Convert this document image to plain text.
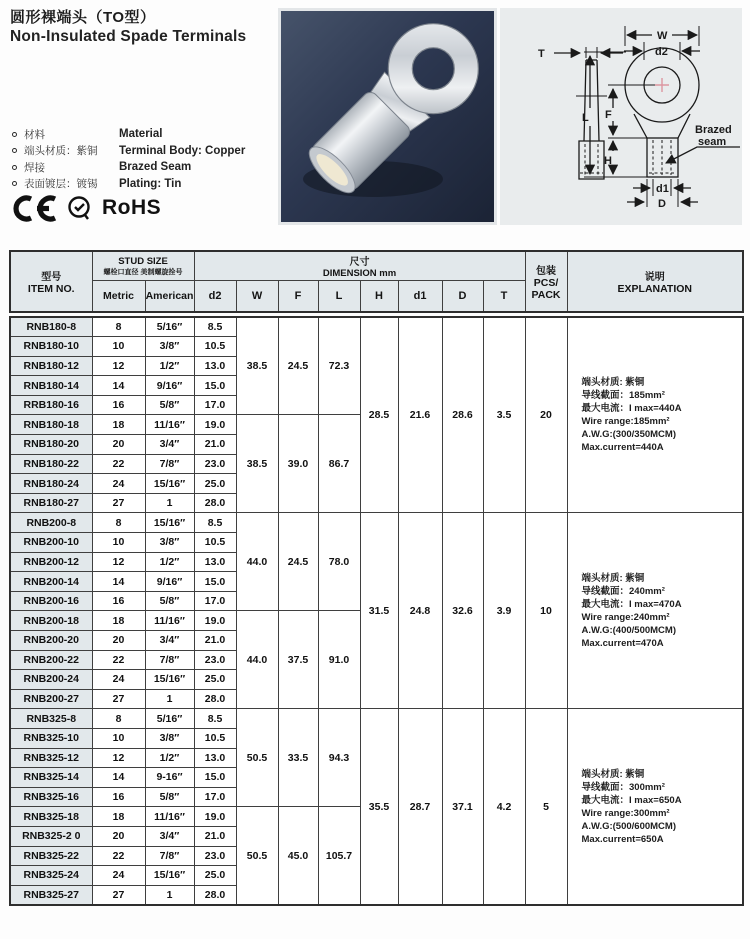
圆形裸端头（TO型）
Non-Insulated Spade Terminals
材料	Material
端头材质：紫铜	Terminal Body: Copper
焊接	Brazed Seam
表面镀层：镀锡	Plating: Tin
RoHS
T
W
d2
L F
H
d1
D
Brazed
seam
型号
ITEM NO.

STUD SIZE
螺栓口直径 美制螺旋拴号

尺寸
DIMENSION mm	包装
PCS/
PACK

说明
EXPLANATION

	Metric	American	d2	W	F	L	H	d1	D	T		
RNB180-8	8	5/16″	8.5	38.5	24.5	72.3	28.5	21.6	28.6	3.5	20	
端头材质: 紫铜
导线截面：185mm²
最大电流：I max=440A
Wire range:185mm²
A.W.G:(300/350MCM)
Max.current=440A

RNB180-10	10	3/8″	10.5									
RNB180-12	12	1/2″	13.0									
RNB180-14	14	9/16″	15.0									
RRB180-16	16	5/8″	17.0									
RNB180-18	18	11/16″	19.0	38.5	39.0	86.7						
RNB180-20	20	3/4″	21.0									
RNB180-22	22	7/8″	23.0									
RNB180-24	24	15/16″	25.0									
RNB180-27	27	1	28.0									
RNB200-8	8	15/16″	8.5	44.0	24.5	78.0	31.5	24.8	32.6	3.9	10	
端头材质: 紫铜
导线截面：240mm²
最大电流：I max=470A
Wire range:240mm²
A.W.G:(400/500MCM)
Max.current=470A

RNB200-10	10	3/8″	10.5									
RNB200-12	12	1/2″	13.0									
RNB200-14	14	9/16″	15.0									
RNB200-16	16	5/8″	17.0									
RNB200-18	18	11/16″	19.0	44.0	37.5	91.0						
RNB200-20	20	3/4″	21.0									
RNB200-22	22	7/8″	23.0									
RNB200-24	24	15/16″	25.0									
RNB200-27	27	1	28.0									
RNB325-8	8	5/16″	8.5	50.5	33.5	94.3	35.5	28.7	37.1	4.2	5	
端头材质: 紫铜
导线截面：300mm²
最大电流：I max=650A
Wire range:300mm²
A.W.G:(500/600MCM)
Max.current=650A

RNB325-10	10	3/8″	10.5									
RNB325-12	12	1/2″	13.0									
RNB325-14	14	9-16″	15.0									
RNB325-16	16	5/8″	17.0									
RNB325-18	18	11/16″	19.0	50.5	45.0	105.7						
RNB325-2 0	20	3/4″	21.0									
RNB325-22	22	7/8″	23.0									
RNB325-24	24	15/16″	25.0									
RNB325-27	27	1	28.0									
